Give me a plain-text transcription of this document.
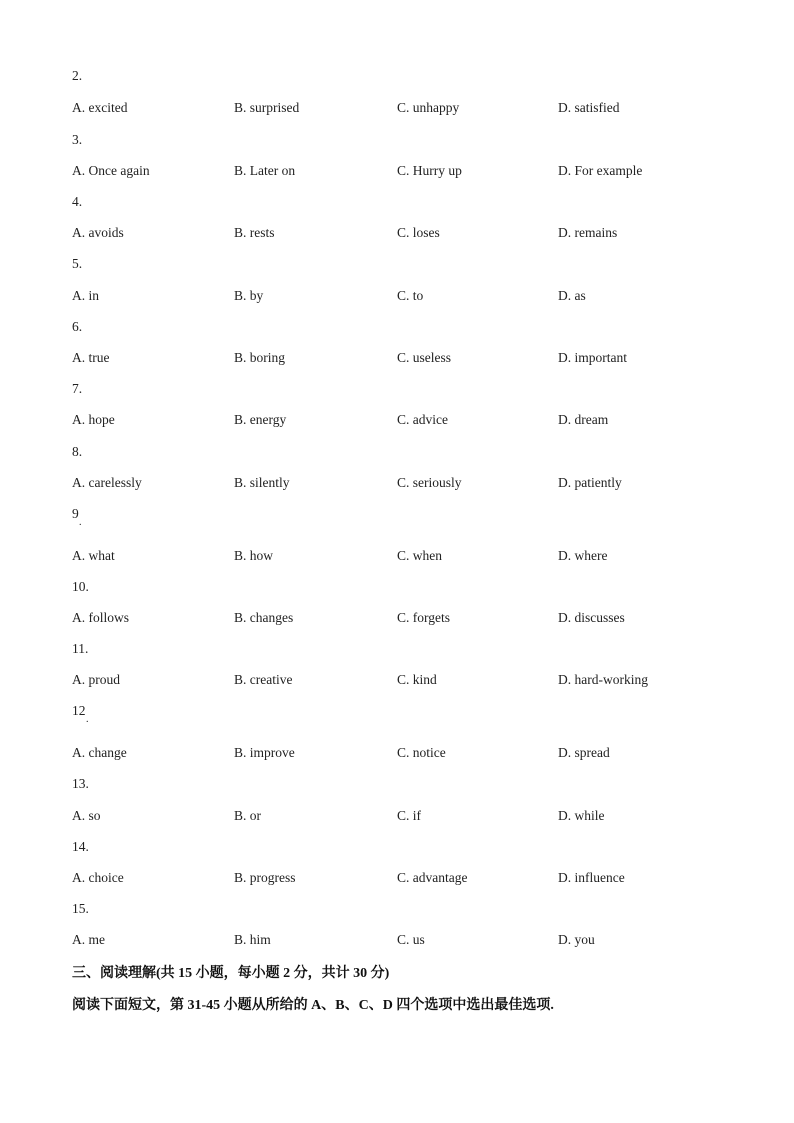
2.
A. excited	B. surprised	C. unhappy	D. satisfied
3.
A. Once again	B. Later on	C. Hurry up	D. For example
4.
A. avoids	B. rests	C. loses	D. remains
5.
A. in	B. by	C. to	D. as
6.
A. true	B. boring	C. useless	D. important
7.
A. hope	B. energy	C. advice	D. dream
8.
A. carelessly	B. silently	C. seriously	D. patiently
9
.
A. what	B. how	C. when	D. where
10.
A. follows	B. changes	C. forgets	D. discusses
11.
A. proud	B. creative	C. kind	D. hard-working
12
.
A. change	B. improve	C. notice	D. spread
13.
A. so	B. or	C. if	D. while
14.
A. choice	B. progress	C. advantage	D. influence
15.
A. me	B. him	C. us	D. you
三、阅读理解(共 15 小题，每小题 2 分，共计 30 分)
阅读下面短文，第 31-45 小题从所给的 A、B、C、D 四个选项中选出最佳选项.
